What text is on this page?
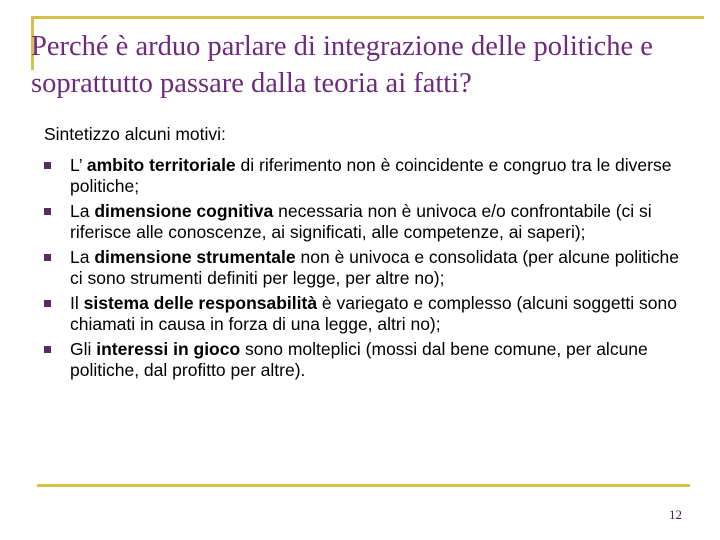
Perché è arduo parlare di integrazione delle politiche e soprattutto passare dalla teoria ai fatti?

Sintetizzo alcuni motivi:

L’ ambito territoriale di riferimento non è coincidente e congruo tra le diverse politiche;
La dimensione cognitiva necessaria non è univoca e/o confrontabile (ci si riferisce alle conoscenze, ai significati, alle competenze, ai saperi);
La dimensione strumentale non è univoca e consolidata (per alcune politiche ci sono strumenti definiti per legge, per altre no);
Il sistema delle responsabilità è variegato e complesso (alcuni soggetti sono chiamati in causa in forza di una legge, altri no);
Gli interessi in gioco sono molteplici (mossi dal bene comune, per alcune politiche, dal profitto per altre).
12
